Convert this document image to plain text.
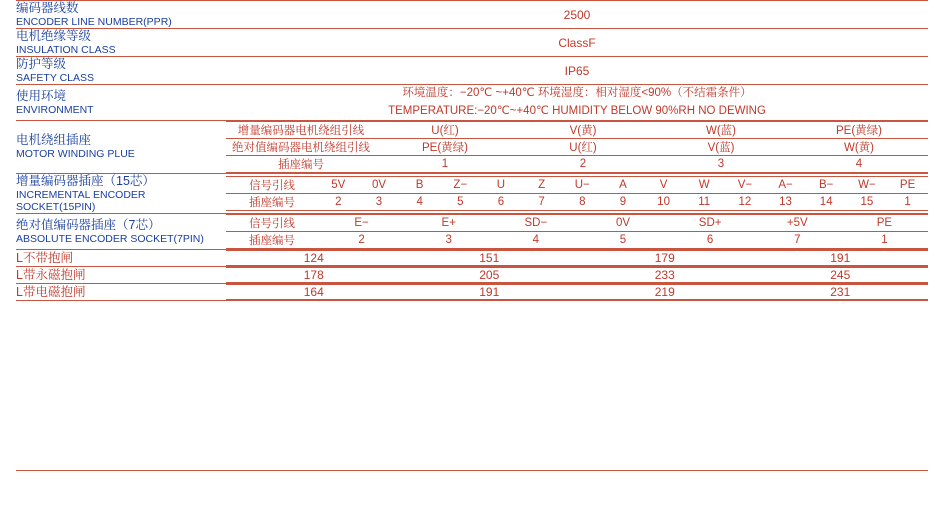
编码器线数
ENCODER LINE NUMBER(PPR)
	2500

电机绝缘等级
INSULATION CLASS
	ClassF

防护等级
SAFETY CLASS
	IP65

使用环境
ENVIRONMENT

环境温度：−20℃ ~+40℃ 环境湿度：相对湿度<90%（不结霜条件）
TEMPERATURE:−20℃~+40℃ HUMIDITY BELOW 90%RH NO DEWING

电机绕组插座
MOTOR WINDING PLUE

增量编码器电机绕组引线	U(红)	V(黄)	W(蓝)	PE(黄绿)
绝对值编码器电机绕组引线	PE(黄绿)	U(红)	V(蓝)	W(黄)
插座编号	1	2	3	4

增量编码器插座（15芯）
INCREMENTAL ENCODER
SOCKET(15PIN)

信号引线	5V	0V	B	Z−	U	Z	U−	A	V	W	V−	A−	B−	W−	PE
插座编号	2	3	4	5	6	7	8	9	10	11	12	13	14	15	1

绝对值编码器插座（7芯）
ABSOLUTE ENCODER SOCKET(7PIN)

信号引线	E−	E+	SD−	0V	SD+	+5V	PE
插座编号	2	3	4	5	6	7	1

L不带抱闸
		124	151	179	191

L带永磁抱闸
		178	205	233	245

L带电磁抱闸
		164	191	219	231
